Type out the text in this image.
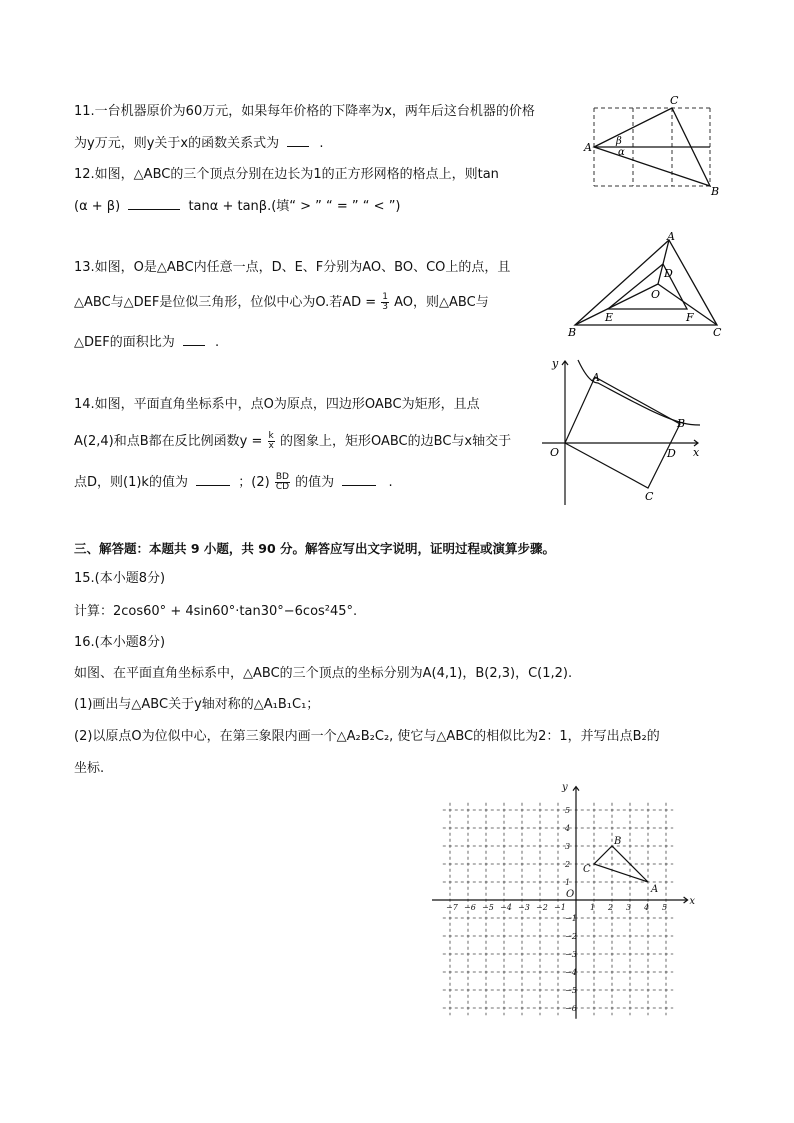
11.一台机器原价为60万元，如果每年价格的下降率为x，两年后这台机器的价格
为y万元，则y关于x的函数关系式为	.
12.如图，△ABC的三个顶点分别在边长为1的正方形网格的格点上，则tan
(α + β)	tanα + tanβ.(填“ > ” “ = ” “ < ”)
A
C
B
β
α
13.如图，O是△ABC内任意一点，D、E、F分别为AO、BO、CO上的点，且
△ABC与△DEF是位似三角形，位似中心为O.若AD = $\frac{1}{3}$ AO，则△ABC与
△DEF的面积比为	.
A
B	C
D
E	F
O
14.如图，平面直角坐标系中，点O为原点，四边形OABC为矩形，且点
A(2,4)和点B都在反比例函数$y = \frac{k}{x}$ 的图象上，矩形OABC的边BC与x轴交于
点D，则(1)k的值为	；$(2) \frac{BD}{CD}$ 的值为	.
y
x
O
A
B
C
D
三、解答题：本题共 9 小题，共 90 分。解答应写出文字说明，证明过程或演算步骤。
15.(本小题8分)
计算：2cos60° + 4sin60°·tan30°−6cos²45°.
16.(本小题8分)
如图、在平面直角坐标系中，△ABC的三个顶点的坐标分别为A(4,1)，B(2,3)，C(1,2).
(1)画出与△ABC关于y轴对称的△A₁B₁C₁；
(2)以原点O为位似中心，在第三象限内画一个△A₂B₂C₂, 使它与△ABC的相似比为2：1，并写出点B₂的
坐标.
−7 −6 −5 −4 −3 −2 −1	1 2 3 4 5
5
4
3
2
1
−1
−2
−3
−4
−5
−6
x
y
O	A
B
C
